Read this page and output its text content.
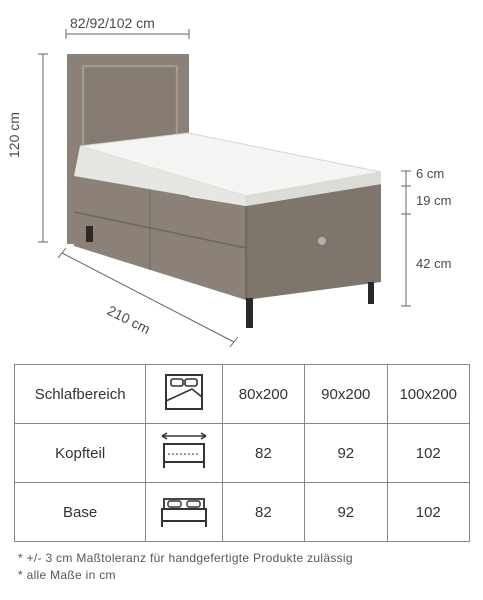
82/92/102 cm
120 cm
210 cm
6 cm
19 cm
42 cm
Schlafbereich		80x200	90x200	100x200
Kopfteil		82	92	102
Base		82	92	102
* +/- 3 cm Maßtoleranz für handgefertigte Produkte zulässig
* alle Maße in cm
